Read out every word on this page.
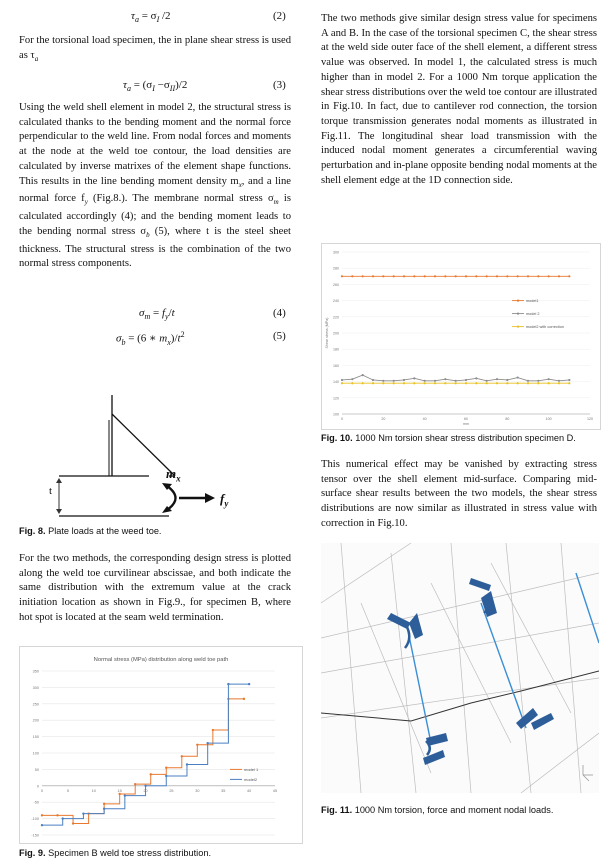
$\tau_a = \sigma_I$ /2	(2)

For the torsional load specimen, the in plane shear stress is used as $\tau_a$

$\tau_a = (\sigma_I -\sigma_{II})/2$	(3)

Using the weld shell element in model 2, the structural stress is calculated thanks to the bending moment and the normal force perpendicular to the weld line. From nodal forces and moments at the node at the weld toe contour, the load densities are calculated by inverse matrixes of the element shape functions. This results in the line bending moment density $m_x$, and a line normal force $f_y$ (Fig.8.). The membrane normal stress $\sigma_m$ is calculated accordingly (4); and the bending moment leads to the bending normal stress $\sigma_b$ (5), where t is the steel sheet thickness. The structural stress is the combination of the two normal stress components.

$\sigma_m = f_y/t$	(4)
$\sigma_b = (6$ ∗ $m_x)/t^2$	(5)
t
$m_x$
$f_y$
Fig. 8. Plate loads at the weed toe.

For the two methods, the corresponding design stress is plotted along the weld toe curvilinear abscissae, and both indicate the same distribution with the extremum value at the crack initiation location as shown in Fig.9., for specimen B, where hot spot is located at the seam weld termination.

Normal stress (MPa) distribution along weld toe path
-150
-100
-50
0
50
100
150
200
250
300
350
0	5	10	15	20	25	30	35	40	45
model 1
model2
Fig. 9. Specimen B weld toe stress distribution.

The two methods give similar design stress value for specimens A and B. In the case of the torsional specimen C, the shear stress at the weld side outer face of the shell element, a different stress value was observed. In model 1, the calculated stress is much higher than in model 2. For a 1000 Nm torque application the shear stress distributions over the weld toe contour are illustrated in Fig.10. In fact, due to cantilever rod connection, the torsion torque transmission generates nodal moments as illustrated in Fig.11. The longitudinal shear load transmission with the induced nodal moment generates a circumferential waving perturbation and in-plane opposite bending nodal moments at the shell element edge at the 1D connection side.

100
120
140
160
180
200
220
240
260
280
300
0	20	40	60	80	100	120
mm
Shear stress (MPa)
model1
model 2
model2 with correction
Fig. 10. 1000 Nm torsion shear stress distribution specimen D.

This numerical effect may be vanished by extracting stress tensor over the shell element mid-surface. Comparing mid-surface shear results between the two models, the shear stress distributions are now similar as illustrated in stress value with correction in Fig.10.

Fig. 11. 1000 Nm torsion, force and moment nodal loads.
